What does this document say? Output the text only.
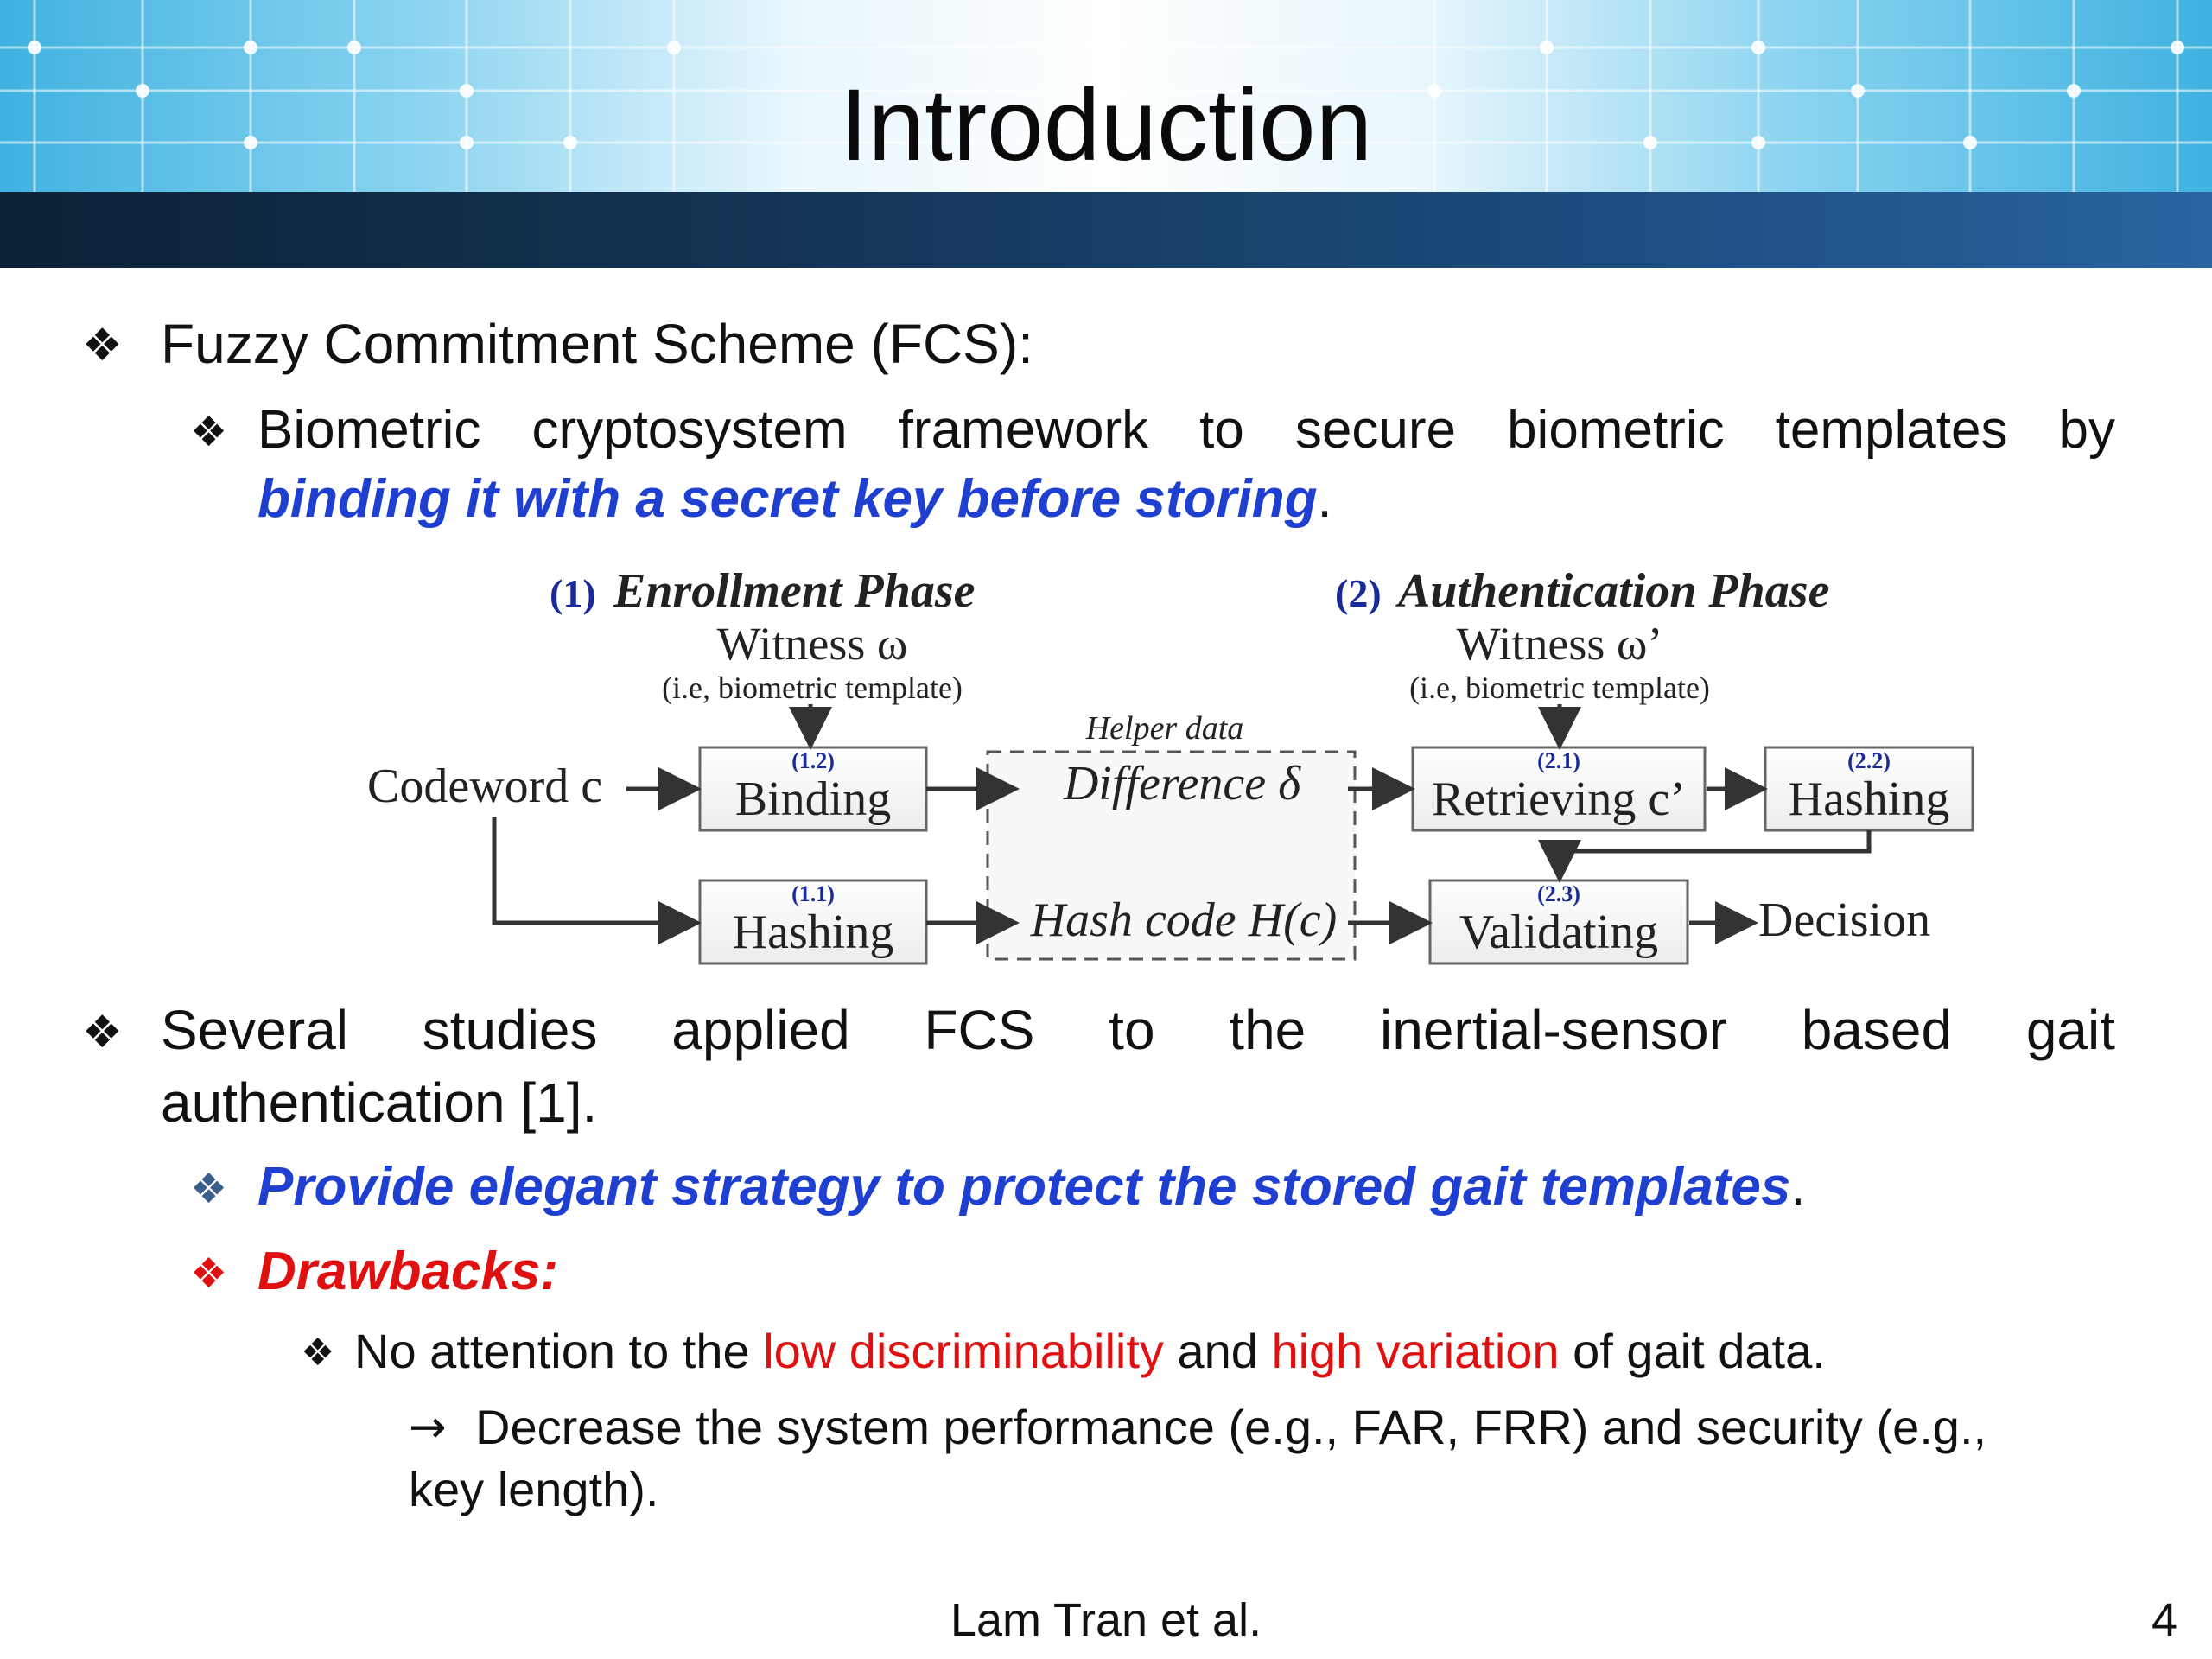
Introduction
❖ Fuzzy Commitment Scheme (FCS):
❖ Biometric cryptosystem framework to secure biometric templates by
binding it with a secret key before storing.
(1) Enrollment Phase	(2) Authentication Phase
Witness ω
(i.e, biometric template)
Witness ω’
(i.e, biometric template)
Helper data
Difference δ
Hash code H(c)
Codeword c	(1.2)
Binding
(1.1)
Hashing
(2.1)
Retrieving c’
(2.2)
Hashing
(2.3)
Validating Decision
❖ Several studies applied FCS to the inertial-sensor based gait
authentication [1].
❖ Provide elegant strategy to protect the stored gait templates.
❖ Drawbacks:
❖ No attention to the low discriminability and high variation of gait data.
→ Decrease the system performance (e.g., FAR, FRR) and security (e.g.,
key length).
Lam Tran et al.	4
